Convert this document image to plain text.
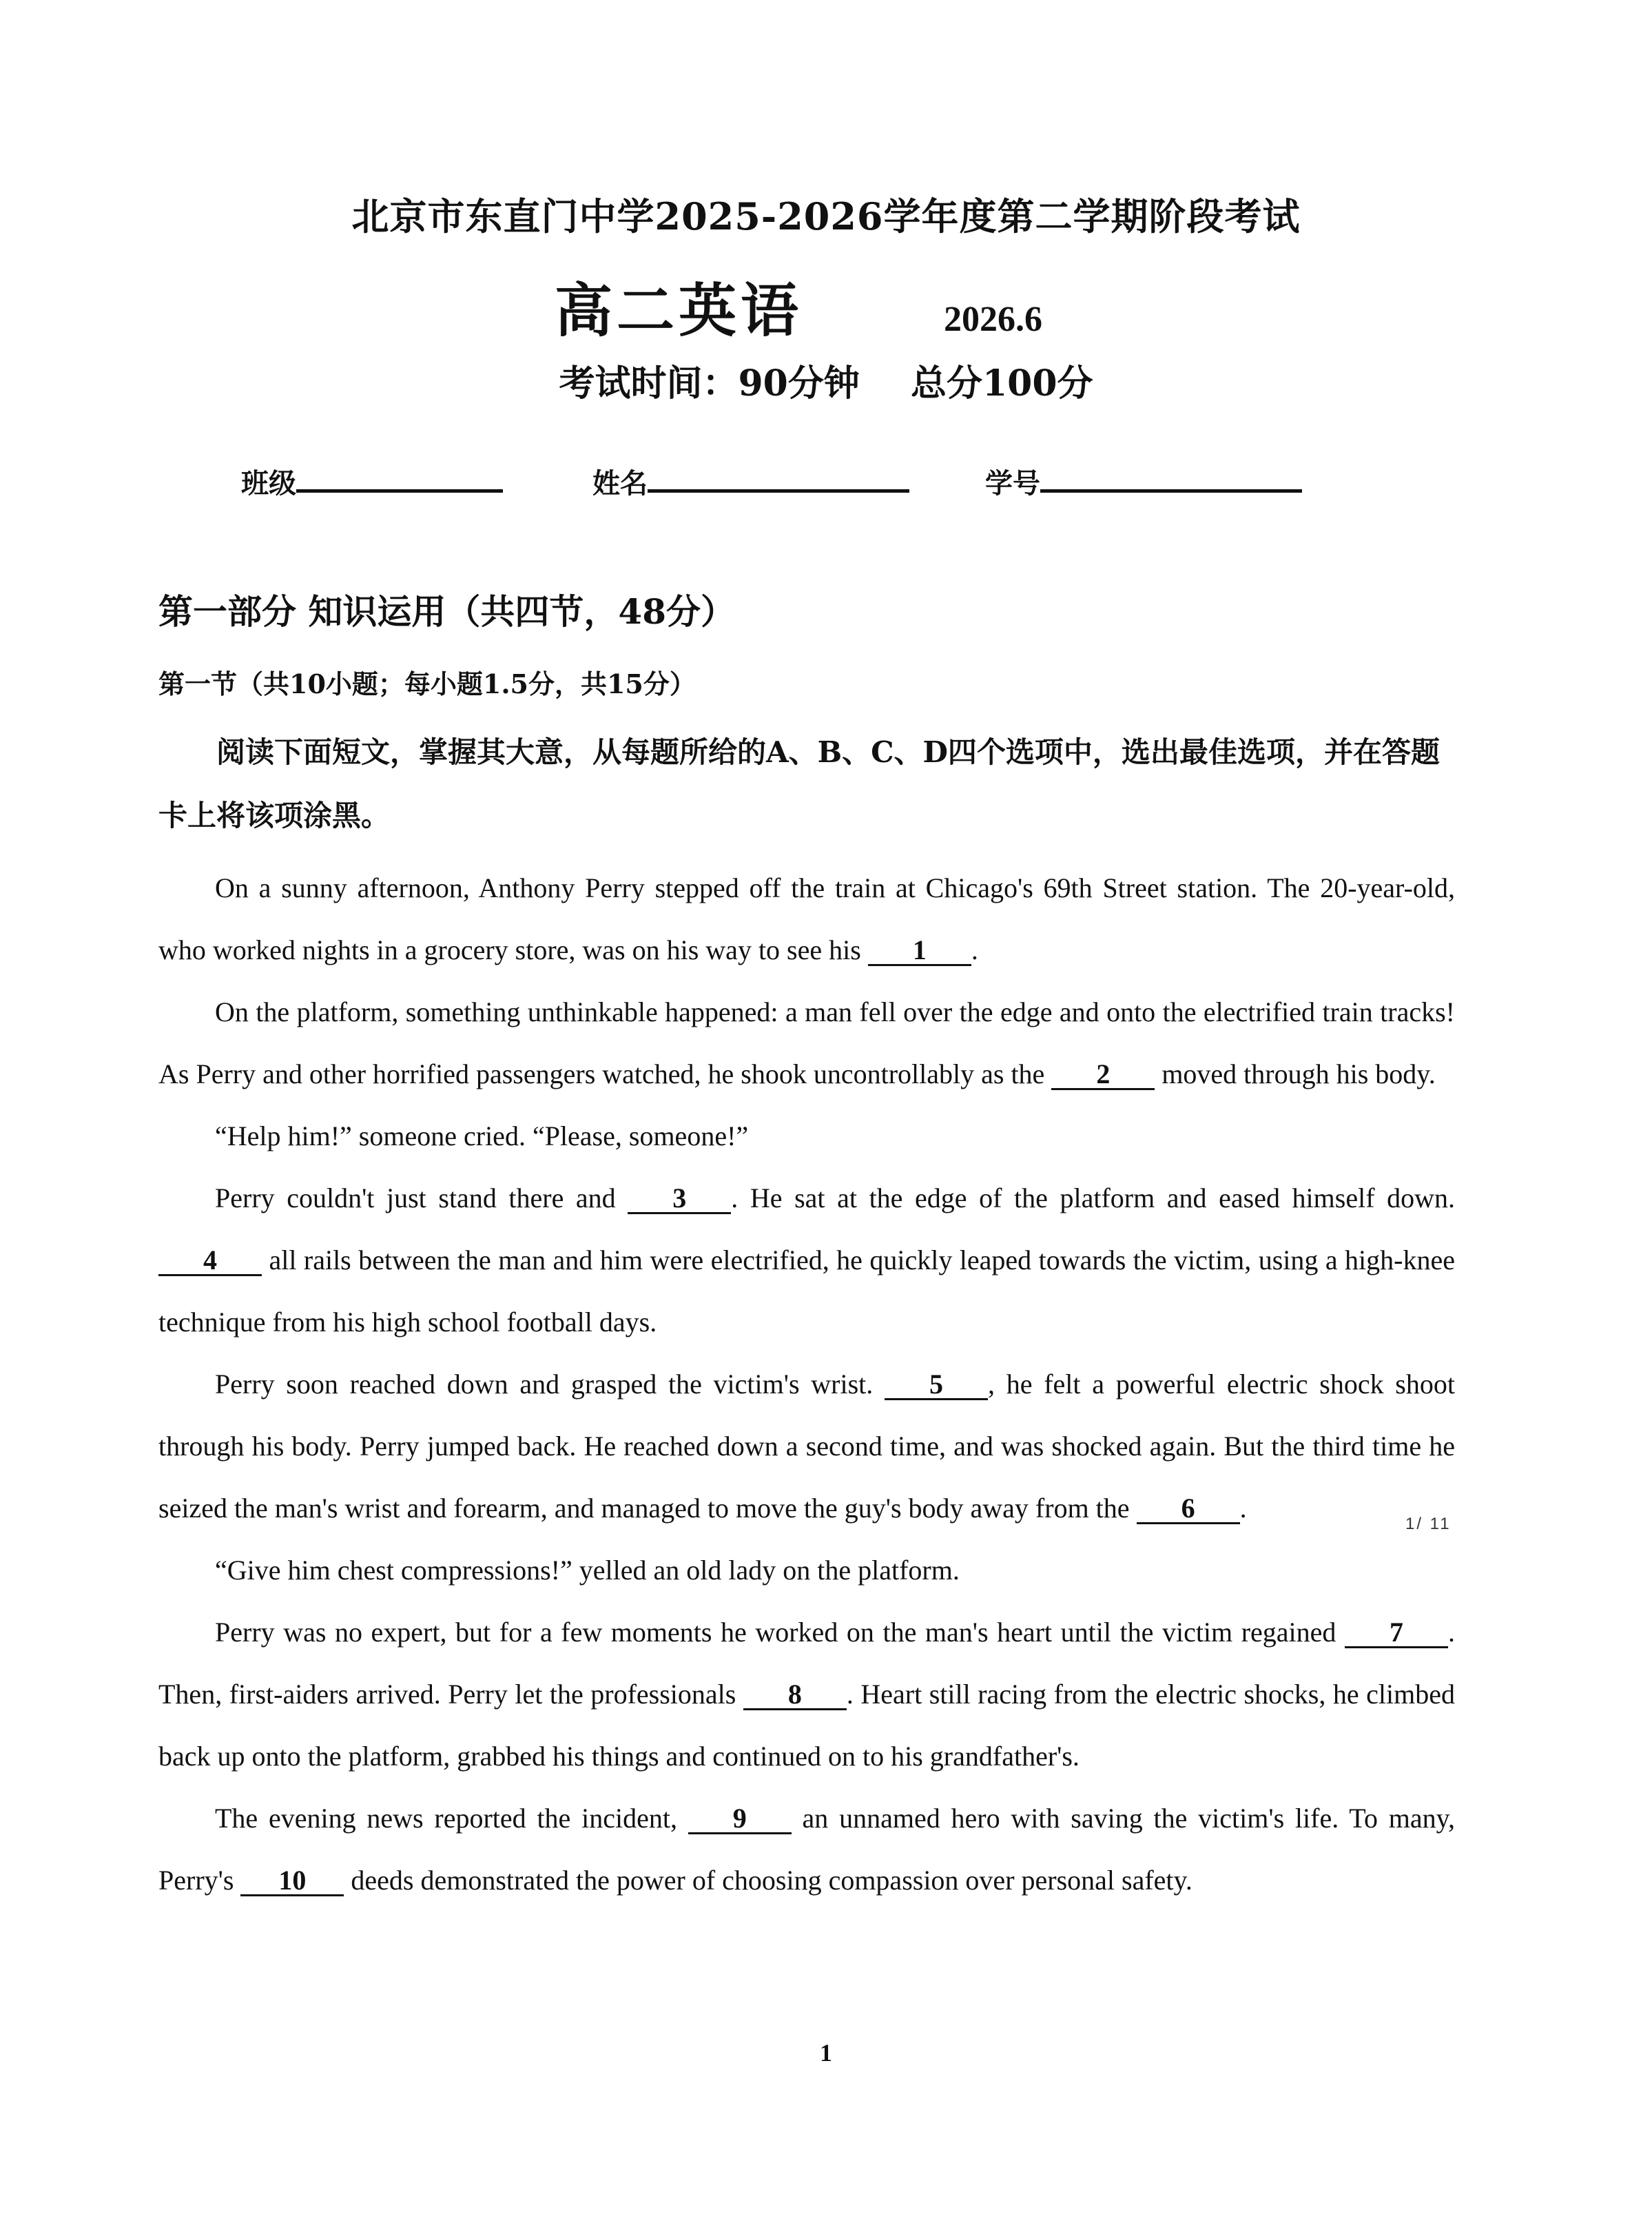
北京市东直门中学2025-2026学年度第二学期阶段考试
高二英语	2026.6
考试时间：90分钟 总分100分
班级	姓名	学号
第一部分 知识运用（共四节，48分）
第一节（共10小题；每小题1.5分，共15分）
阅读下面短文，掌握其大意，从每题所给的A、B、C、D四个选项中，选出最佳选项，并在答题卡上将该项涂黑。

On a sunny afternoon, Anthony Perry stepped off the train at Chicago's 69th Street station. The 20-year-old, who worked nights in a grocery store, was on his way to see his 1 .

On the platform, something unthinkable happened: a man fell over the edge and onto the electrified train tracks! As Perry and other horrified passengers watched, he shook uncontrollably as the 2 moved through his body.

“Help him!” someone cried. “Please, someone!”

Perry couldn't just stand there and 3 . He sat at the edge of the platform and eased himself down. 4 all rails between the man and him were electrified, he quickly leaped towards the victim, using a high-knee technique from his high school football days.

Perry soon reached down and grasped the victim's wrist. 5 , he felt a powerful electric shock shoot through his body. Perry jumped back. He reached down a second time, and was shocked again. But the third time he seized the man's wrist and forearm, and managed to move the guy's body away from the 6 .

“Give him chest compressions!” yelled an old lady on the platform.

Perry was no expert, but for a few moments he worked on the man's heart until the victim regained 7 . Then, first-aiders arrived. Perry let the professionals 8 . Heart still racing from the electric shocks, he climbed back up onto the platform, grabbed his things and continued on to his grandfather's.

The evening news reported the incident, 9 an unnamed hero with saving the victim's life. To many, Perry's 10 deeds demonstrated the power of choosing compassion over personal safety.

1/ 11
1
